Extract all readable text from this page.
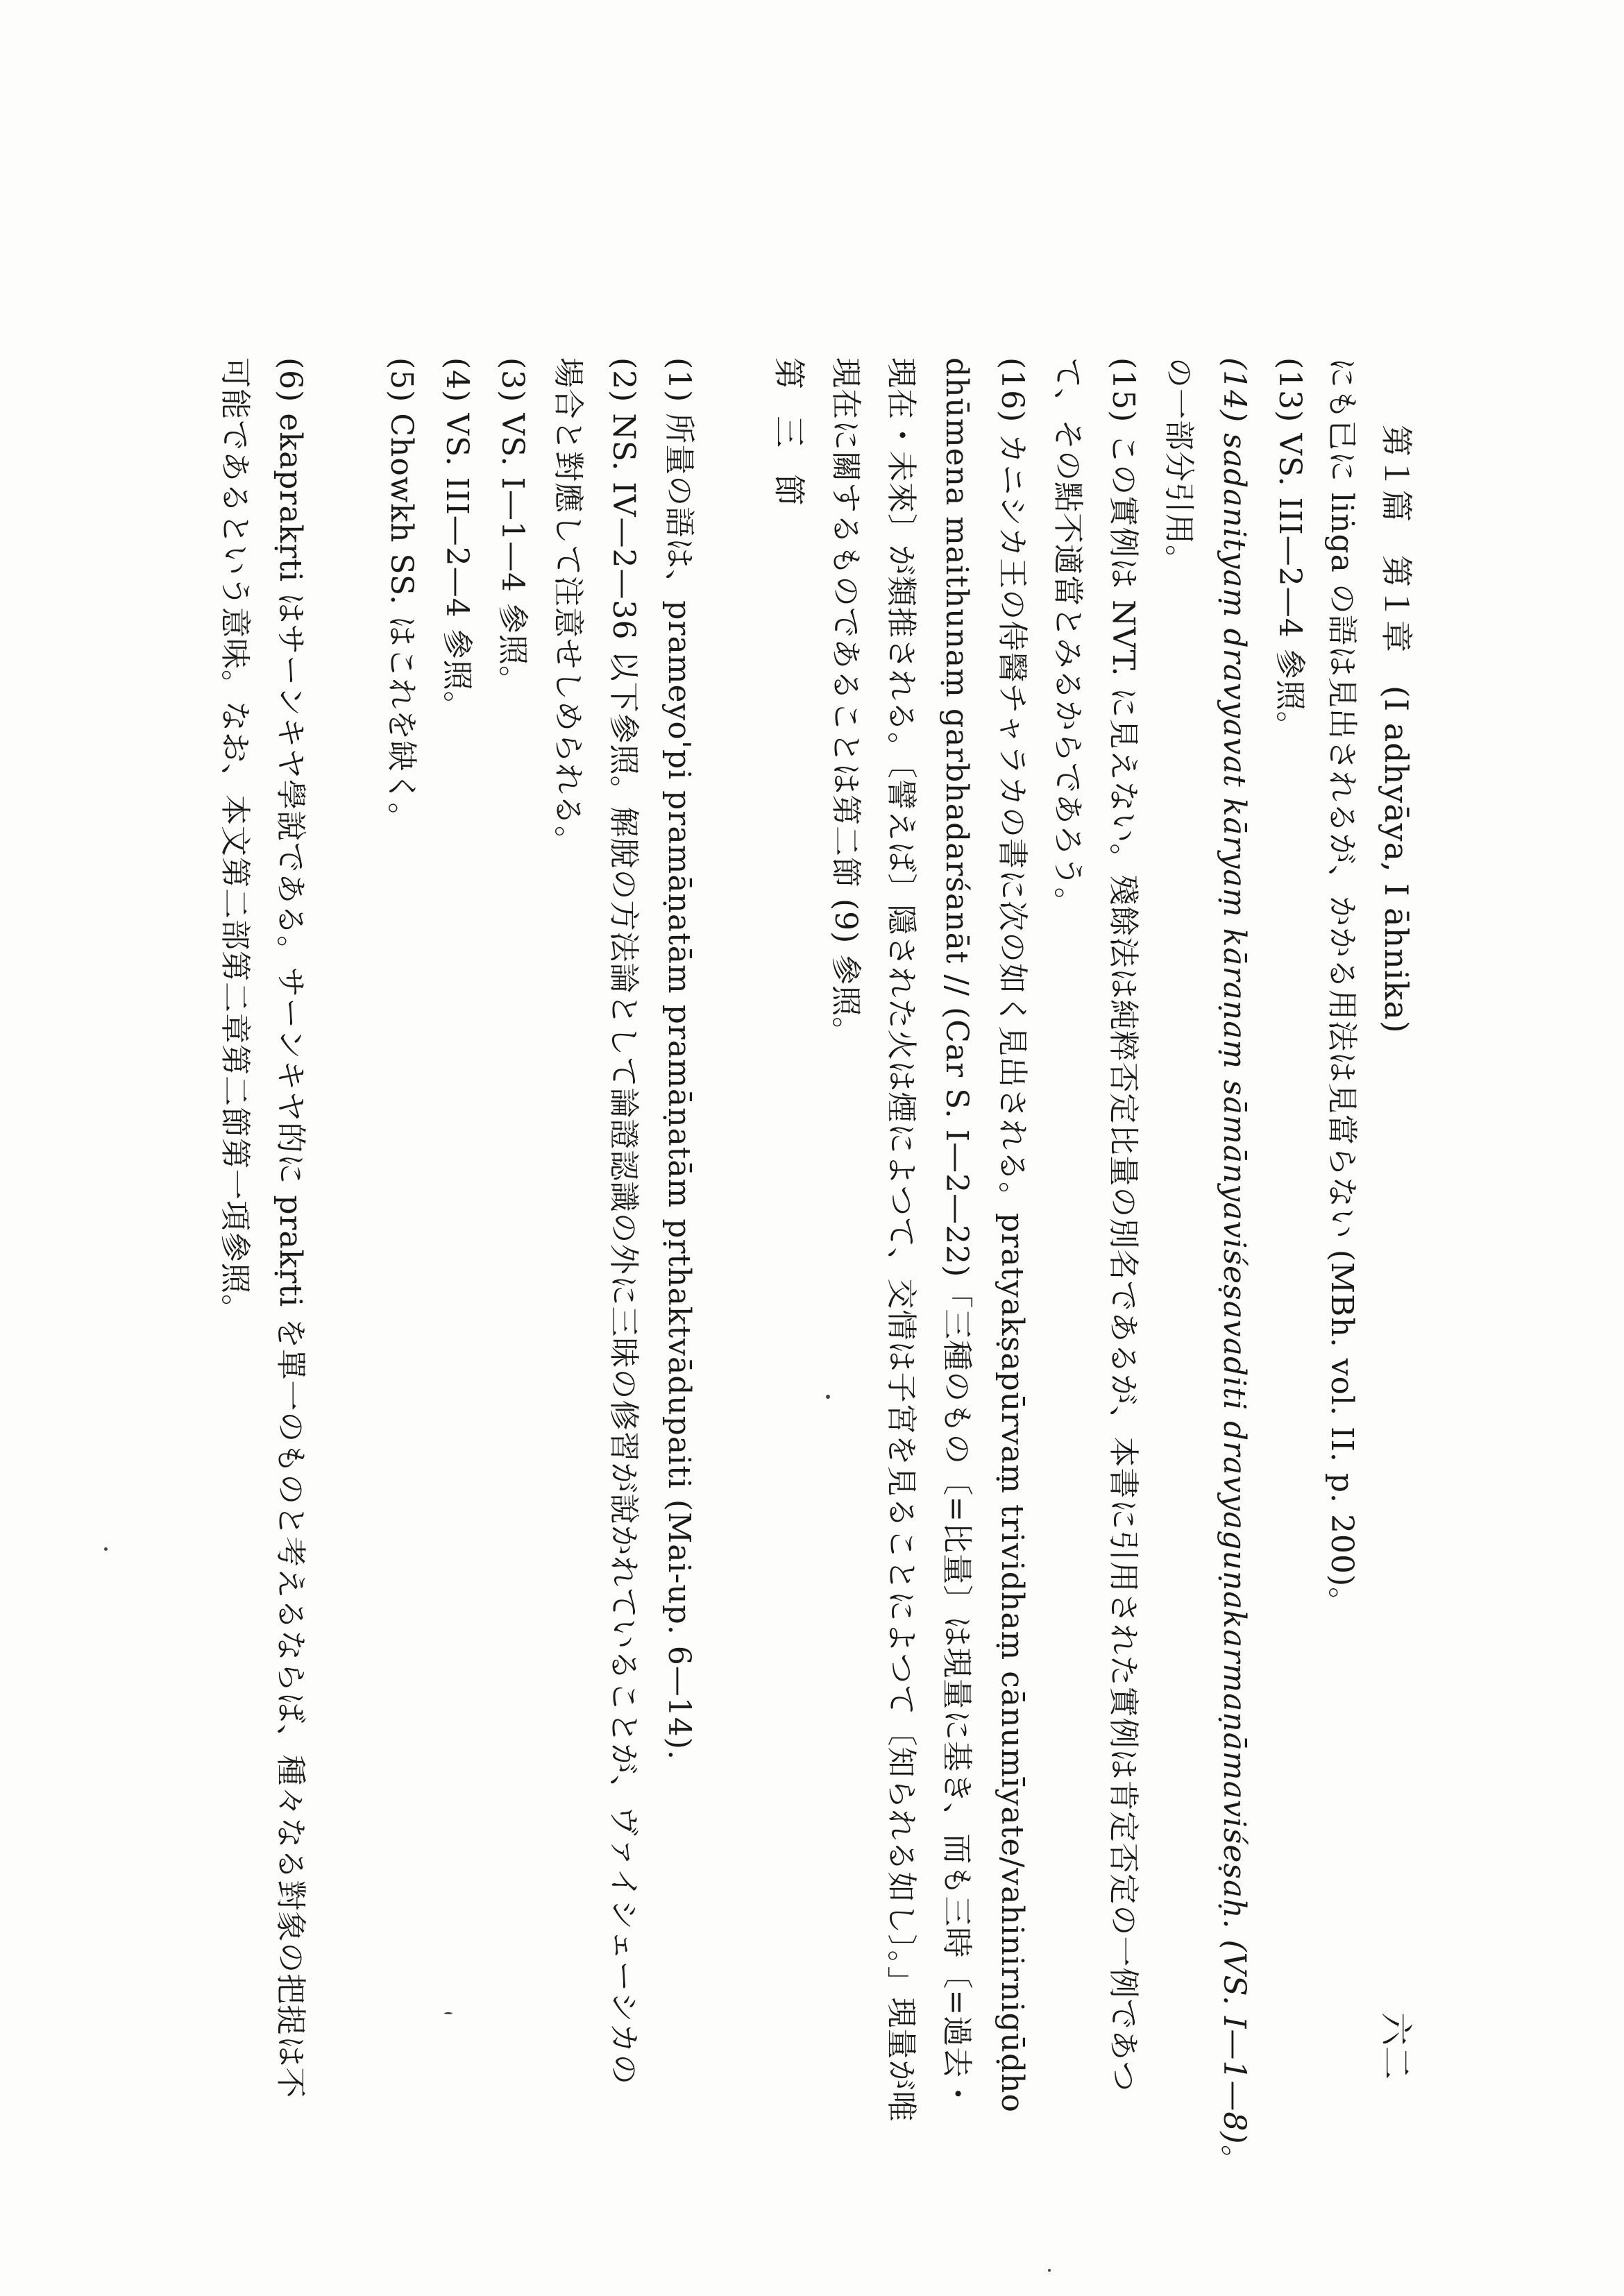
第１篇　第１章　(I adhyāya, I āhnika)
六二
にも已に liṅga の語は見出されるが、かかる用法は見當らない (MBh. vol. II. p. 200)。
(13) VS. III—2—4 參照。
(14) sadanityaṃ dravyavat kāryaṃ kāraṇaṃ sāmānyaviśeṣavaditi dravyaguṇakarmaṇāmaviśeṣaḥ. (VS. I—1—8)。
の一部分引用。
(15) この實例は NVT. に見えない。殘餘法は純粹否定比量の別名であるが、本書に引用された實例は肯定否定の一例であつ
て、その點不適當とみるからであろう。
(16) カニシカ王の侍醫チャラカの書に次の如く見出される。pratyakṣapūrvaṃ trividhaṃ cānumīyate/vahinirnigūḍho
dhūmena maithunaṃ garbhadarśanāt // (Car S. I—2—22)「三種のもの〔=比量〕は現量に基き、而も三時〔=過去・
現在・未來〕が類推される。〔譬えば〕隱された火は煙によつて、交情は子宮を見ることによつて〔知られる如し〕。」現量が唯
現在に關するものであることは第二節 (9) 參照。
第三節
(1) 所量の語は、prameyo'pi pramāṇatām pramāṇatām pṛthaktvādupaiti (Mai-up. 6—14).
(2) NS. IV—2—36 以下參照。解脫の方法論として論證認識の外に三昧の修習が說かれていることが、ヴァイシェーシカの
場合と對應して注意せしめられる。
(3) VS. I—1—4 參照。
(4) VS. III—2—4 參照。
(5) Chowkh SS. はこれを缺く。
(6) ekaprakṛti はサーンキヤ學說である。サーンキヤ的に prakṛti を單一のものと考えるならば、種々なる對象の把捉は不
可能であるという意味。なお、本文第二部第二章第二節第一項參照。
